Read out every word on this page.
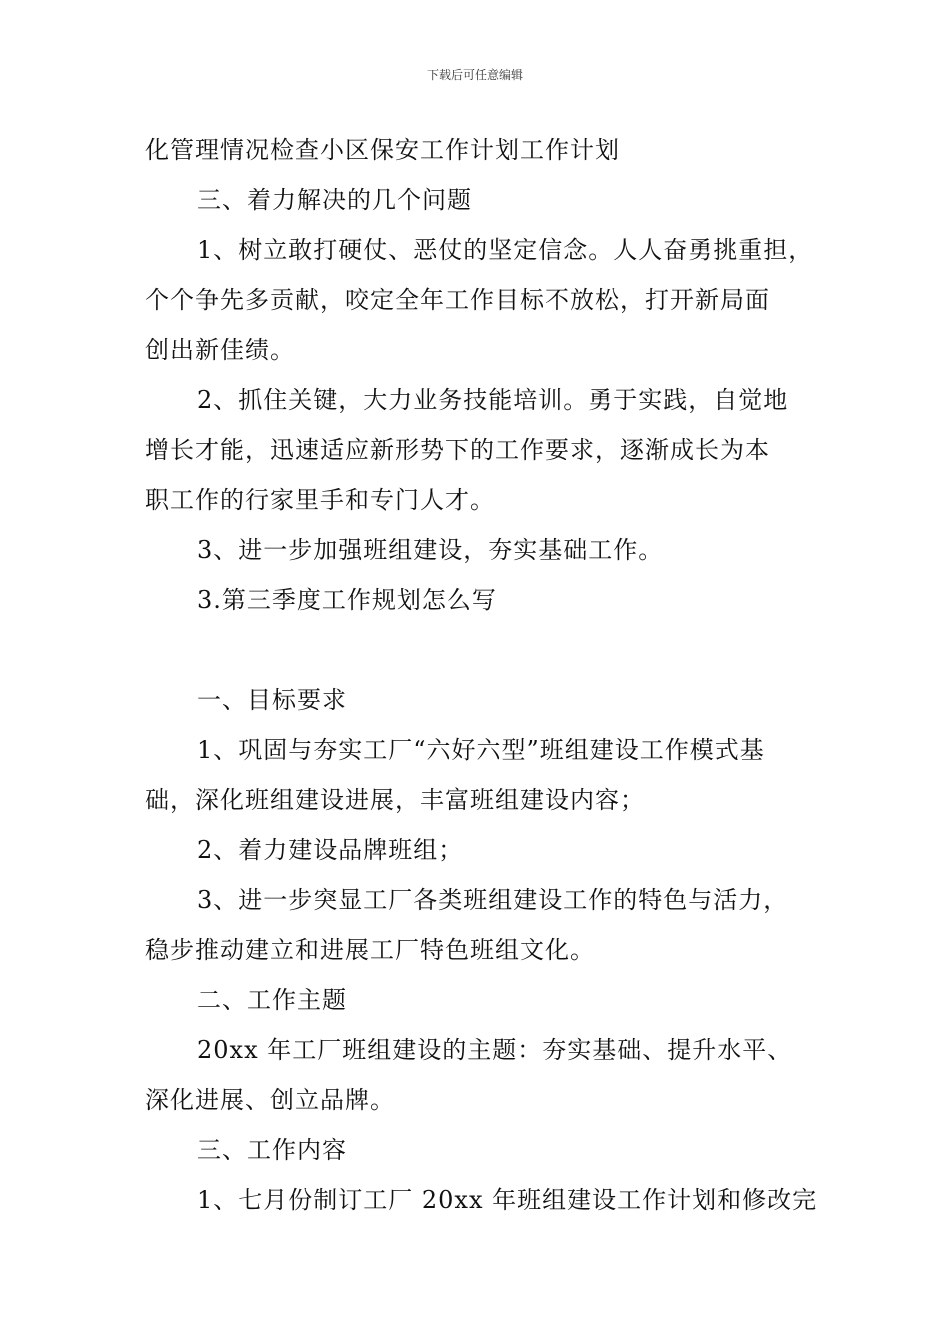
下载后可任意编辑
化管理情况检查小区保安工作计划工作计划
三、着力解决的几个问题
1、树立敢打硬仗、恶仗的坚定信念。人人奋勇挑重担，
个个争先多贡献，咬定全年工作目标不放松，打开新局面
创出新佳绩。
2、抓住关键，大力业务技能培训。勇于实践，自觉地
增长才能，迅速适应新形势下的工作要求，逐渐成长为本
职工作的行家里手和专门人才。
3、进一步加强班组建设，夯实基础工作。
3.第三季度工作规划怎么写
一、目标要求
1、巩固与夯实工厂“六好六型”班组建设工作模式基
础，深化班组建设进展，丰富班组建设内容；
2、着力建设品牌班组；
3、进一步突显工厂各类班组建设工作的特色与活力，
稳步推动建立和进展工厂特色班组文化。
二、工作主题
20xx 年工厂班组建设的主题：夯实基础、提升水平、
深化进展、创立品牌。
三、工作内容
1、七月份制订工厂 20xx 年班组建设工作计划和修改完
